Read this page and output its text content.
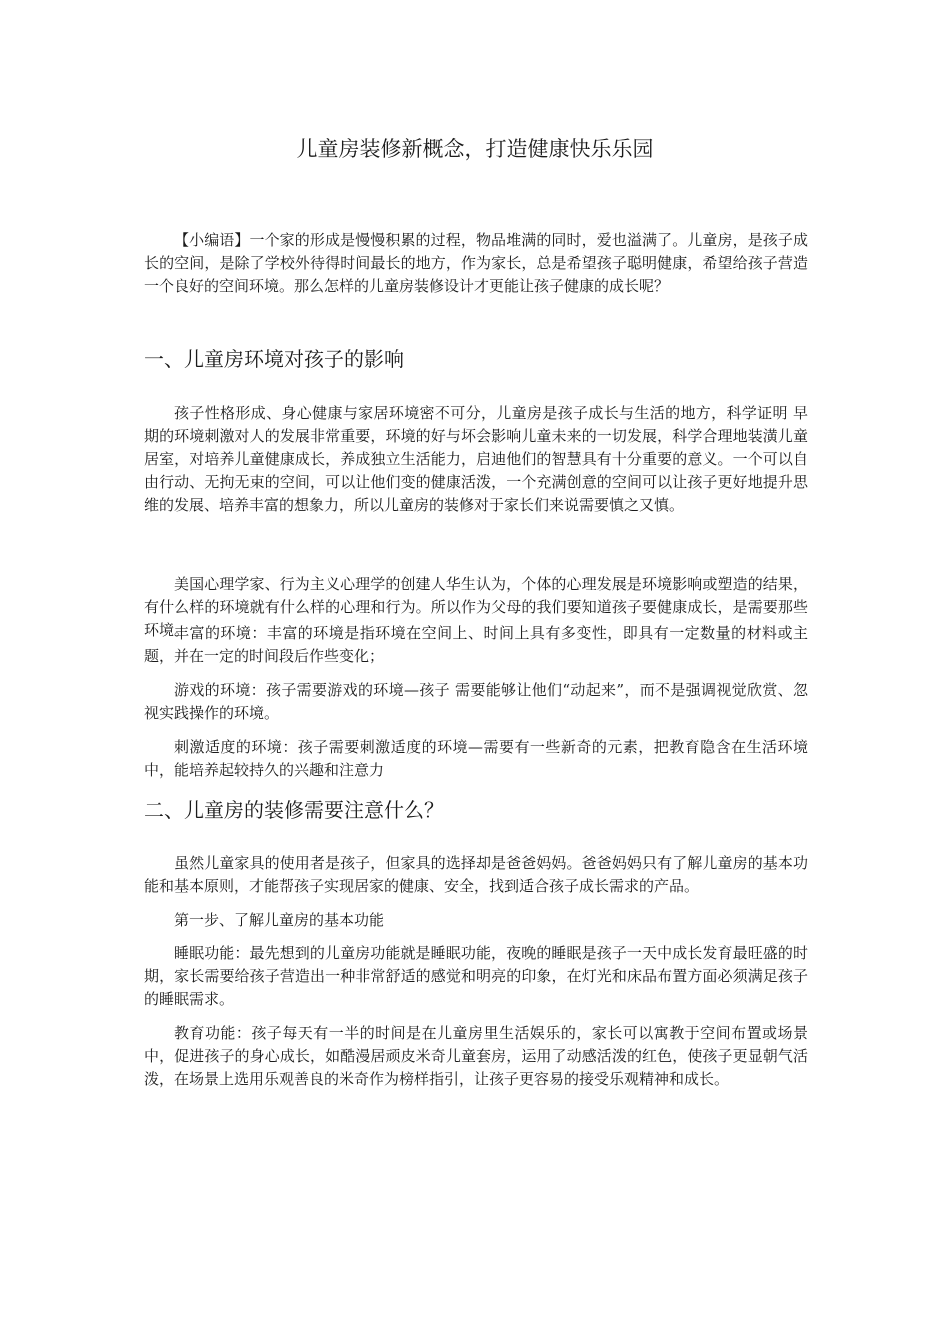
儿童房装修新概念，打造健康快乐乐园

【小编语】一个家的形成是慢慢积累的过程，物品堆满的同时，爱也溢满了。儿童房，是孩子成长的空间，是除了学校外待得时间最长的地方，作为家长，总是希望孩子聪明健康，希望给孩子营造一个良好的空间环境。那么怎样的儿童房装修设计才更能让孩子健康的成长呢？

一、儿童房环境对孩子的影响

孩子性格形成、身心健康与家居环境密不可分，儿童房是孩子成长与生活的地方，科学证明 早期的环境刺激对人的发展非常重要，环境的好与坏会影响儿童未来的一切发展，科学合理地装潢儿童居室，对培养儿童健康成长，养成独立生活能力，启迪他们的智慧具有十分重要的意义。一个可以自由行动、无拘无束的空间，可以让他们变的健康活泼，一个充满创意的空间可以让孩子更好地提升思维的发展、培养丰富的想象力，所以儿童房的装修对于家长们来说需要慎之又慎。

美国心理学家、行为主义心理学的创建人华生认为，个体的心理发展是环境影响或塑造的结果，有什么样的环境就有什么样的心理和行为。所以作为父母的我们要知道孩子要健康成长，是需要那些环境。

丰富的环境：丰富的环境是指环境在空间上、时间上具有多变性，即具有一定数量的材料或主题，并在一定的时间段后作些变化；

游戏的环境：孩子需要游戏的环境—孩子 需要能够让他们“动起来”，而不是强调视觉欣赏、忽视实践操作的环境。

刺激适度的环境：孩子需要刺激适度的环境—需要有一些新奇的元素，把教育隐含在生活环境中，能培养起较持久的兴趣和注意力

二、儿童房的装修需要注意什么？

虽然儿童家具的使用者是孩子，但家具的选择却是爸爸妈妈。爸爸妈妈只有了解儿童房的基本功能和基本原则，才能帮孩子实现居家的健康、安全，找到适合孩子成长需求的产品。

第一步、了解儿童房的基本功能

睡眠功能：最先想到的儿童房功能就是睡眠功能，夜晚的睡眠是孩子一天中成长发育最旺盛的时期，家长需要给孩子营造出一种非常舒适的感觉和明亮的印象，在灯光和床品布置方面必须满足孩子的睡眠需求。

教育功能：孩子每天有一半的时间是在儿童房里生活娱乐的，家长可以寓教于空间布置或场景中，促进孩子的身心成长，如酷漫居顽皮米奇儿童套房，运用了动感活泼的红色，使孩子更显朝气活泼，在场景上选用乐观善良的米奇作为榜样指引，让孩子更容易的接受乐观精神和成长。
